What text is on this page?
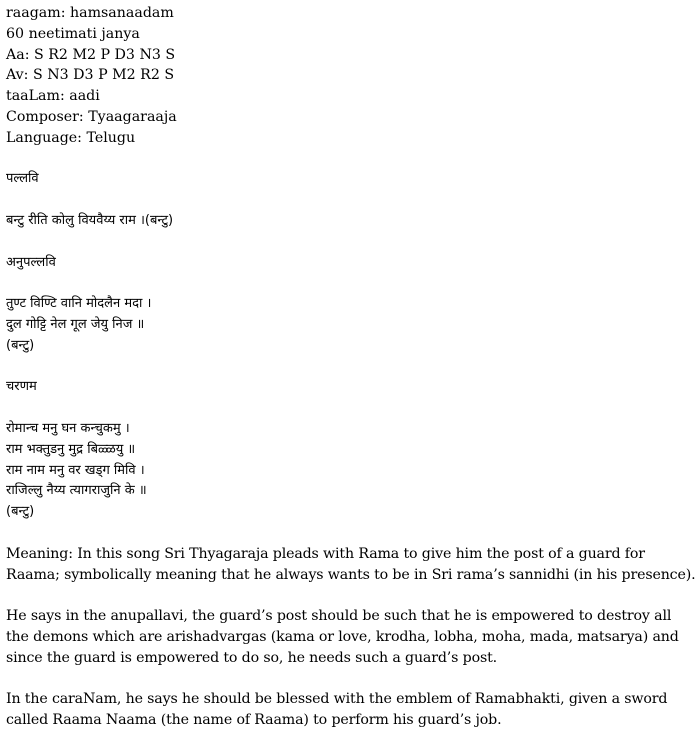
raagam: hamsanaadam
60 neetimati janya
Aa: S R2 M2 P D3 N3 S
Av: S N3 D3 P M2 R2 S
taaLam: aadi
Composer: Tyaagaraaja
Language: Telugu
पल्लवि
बन्टु रीति कोलु वियवैय्य राम ।(बन्टु)
अनुपल्लवि
तुण्ट विण्टि वानि मोदलैन मदा ।
दुल गोट्टि नेल गूल जेयु निज ॥
(बन्टु)
चरणम
रोमान्च मनु घन कन्चुकमु ।
राम भक्तुडनु मुद्र बिळ्ळयु ॥
राम नाम मनु वर खड्ग मिवि ।
राजिल्लु नैय्य त्यागराजुनि के ॥
(बन्टु)

Meaning: In this song Sri Thyagaraja pleads with Rama to give him the post of a guard for Raama; symbolically meaning that he always wants to be in Sri rama’s sannidhi (in his presence).

He says in the anupallavi, the guard’s post should be such that he is empowered to destroy all the demons which are arishadvargas (kama or love, krodha, lobha, moha, mada, matsarya) and since the guard is empowered to do so, he needs such a guard’s post.

In the caraNam, he says he should be blessed with the emblem of Ramabhakti, given a sword called Raama Naama (the name of Raama) to perform his guard’s job.
